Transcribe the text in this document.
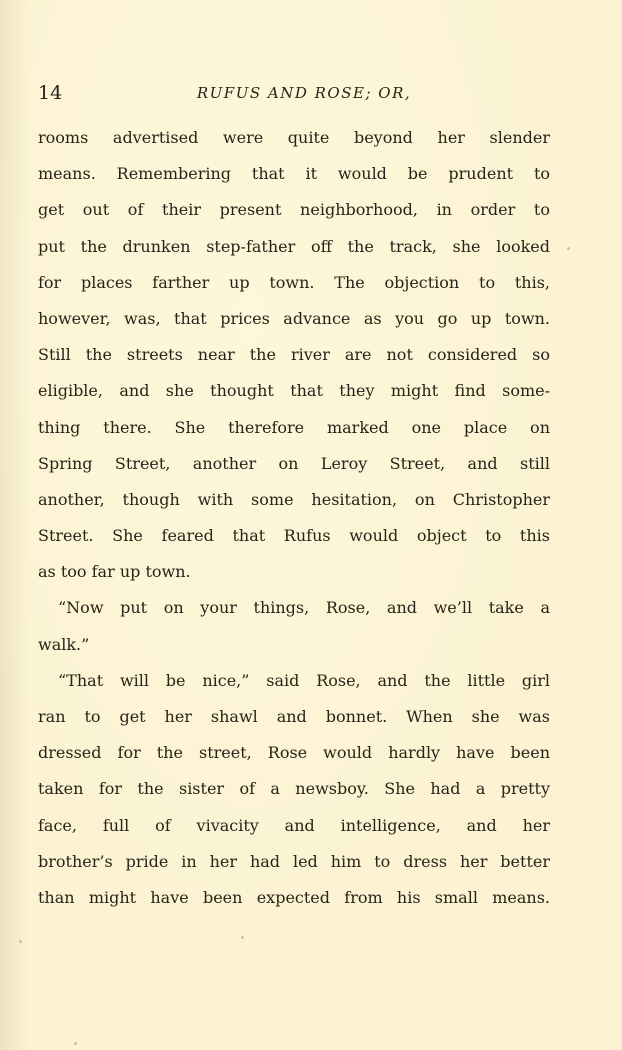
14	RUFUS AND ROSE; OR,
rooms advertised were quite beyond her slender
means. Remembering that it would be prudent to
get out of their present neighborhood, in order to
put the drunken step-father off the track, she looked
for places farther up town. The objection to this,
however, was, that prices advance as you go up town.
Still the streets near the river are not considered so
eligible, and she thought that they might find some-
thing there. She therefore marked one place on
Spring Street, another on Leroy Street, and still
another, though with some hesitation, on Christopher
Street. She feared that Rufus would object to this
as too far up town.
“Now put on your things, Rose, and we’ll take a
walk.”
“That will be nice,” said Rose, and the little girl
ran to get her shawl and bonnet. When she was
dressed for the street, Rose would hardly have been
taken for the sister of a newsboy. She had a pretty
face, full of vivacity and intelligence, and her
brother’s pride in her had led him to dress her better
than might have been expected from his small means.
